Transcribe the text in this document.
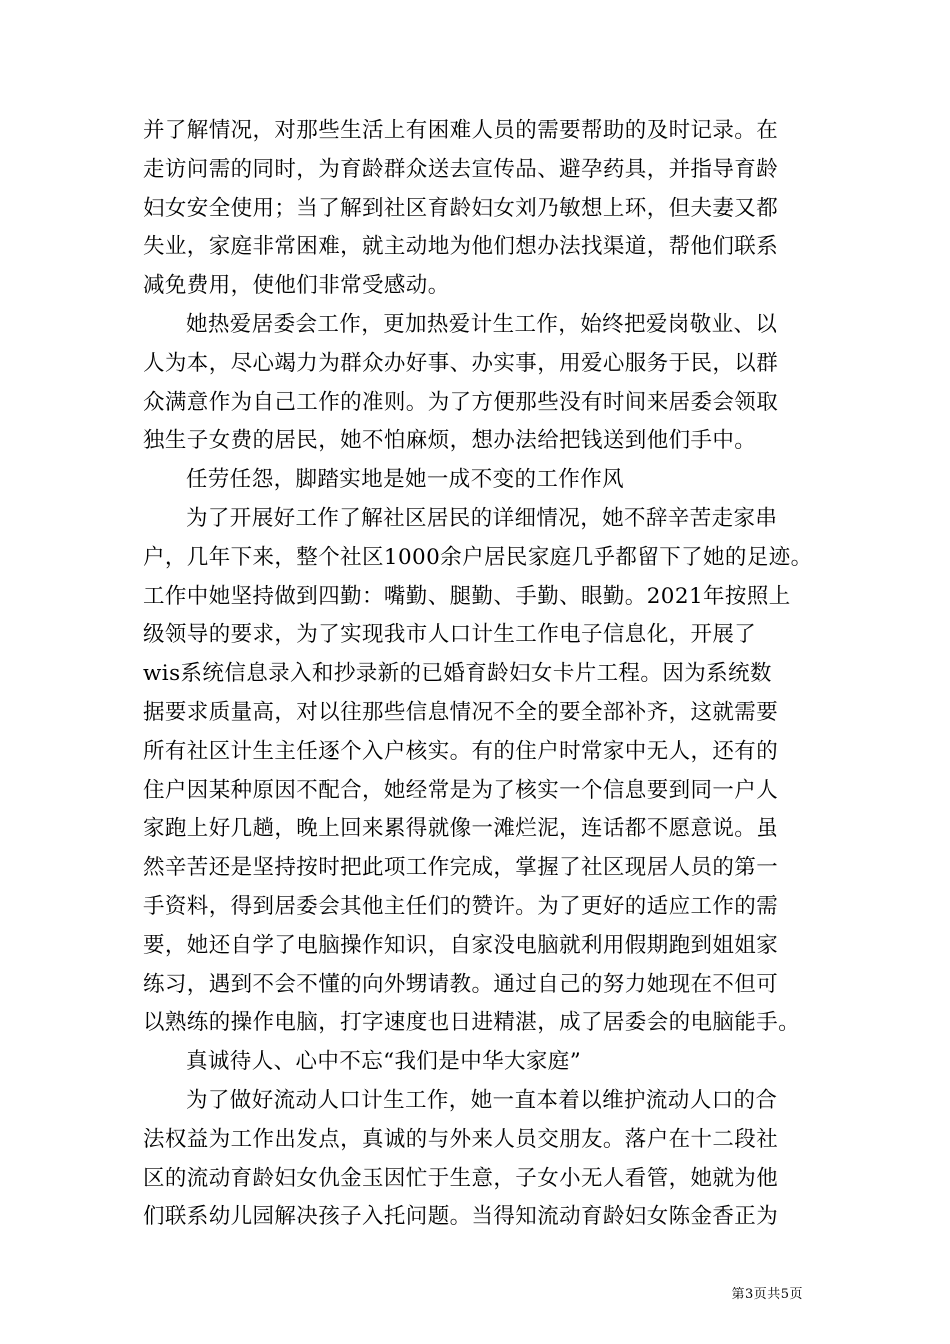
并了解情况，对那些生活上有困难人员的需要帮助的及时记录。在
走访问需的同时，为育龄群众送去宣传品、避孕药具，并指导育龄
妇女安全使用；当了解到社区育龄妇女刘乃敏想上环，但夫妻又都
失业，家庭非常困难，就主动地为他们想办法找渠道，帮他们联系
减免费用，使他们非常受感动。

她热爱居委会工作，更加热爱计生工作，始终把爱岗敬业、以
人为本，尽心竭力为群众办好事、办实事，用爱心服务于民，以群
众满意作为自己工作的准则。为了方便那些没有时间来居委会领取
独生子女费的居民，她不怕麻烦，想办法给把钱送到他们手中。

任劳任怨，脚踏实地是她一成不变的工作作风

为了开展好工作了解社区居民的详细情况，她不辞辛苦走家串
户，几年下来，整个社区1000余户居民家庭几乎都留下了她的足迹。
工作中她坚持做到四勤：嘴勤、腿勤、手勤、眼勤。2021年按照上
级领导的要求，为了实现我市人口计生工作电子信息化，开展了
wis系统信息录入和抄录新的已婚育龄妇女卡片工程。因为系统数
据要求质量高，对以往那些信息情况不全的要全部补齐，这就需要
所有社区计生主任逐个入户核实。有的住户时常家中无人，还有的
住户因某种原因不配合，她经常是为了核实一个信息要到同一户人
家跑上好几趟，晚上回来累得就像一滩烂泥，连话都不愿意说。虽
然辛苦还是坚持按时把此项工作完成，掌握了社区现居人员的第一
手资料，得到居委会其他主任们的赞许。为了更好的适应工作的需
要，她还自学了电脑操作知识，自家没电脑就利用假期跑到姐姐家
练习，遇到不会不懂的向外甥请教。通过自己的努力她现在不但可
以熟练的操作电脑，打字速度也日进精湛，成了居委会的电脑能手。

真诚待人、心中不忘“我们是中华大家庭”

为了做好流动人口计生工作，她一直本着以维护流动人口的合
法权益为工作出发点，真诚的与外来人员交朋友。落户在十二段社
区的流动育龄妇女仇金玉因忙于生意，子女小无人看管，她就为他
们联系幼儿园解决孩子入托问题。当得知流动育龄妇女陈金香正为

第3页共5页
